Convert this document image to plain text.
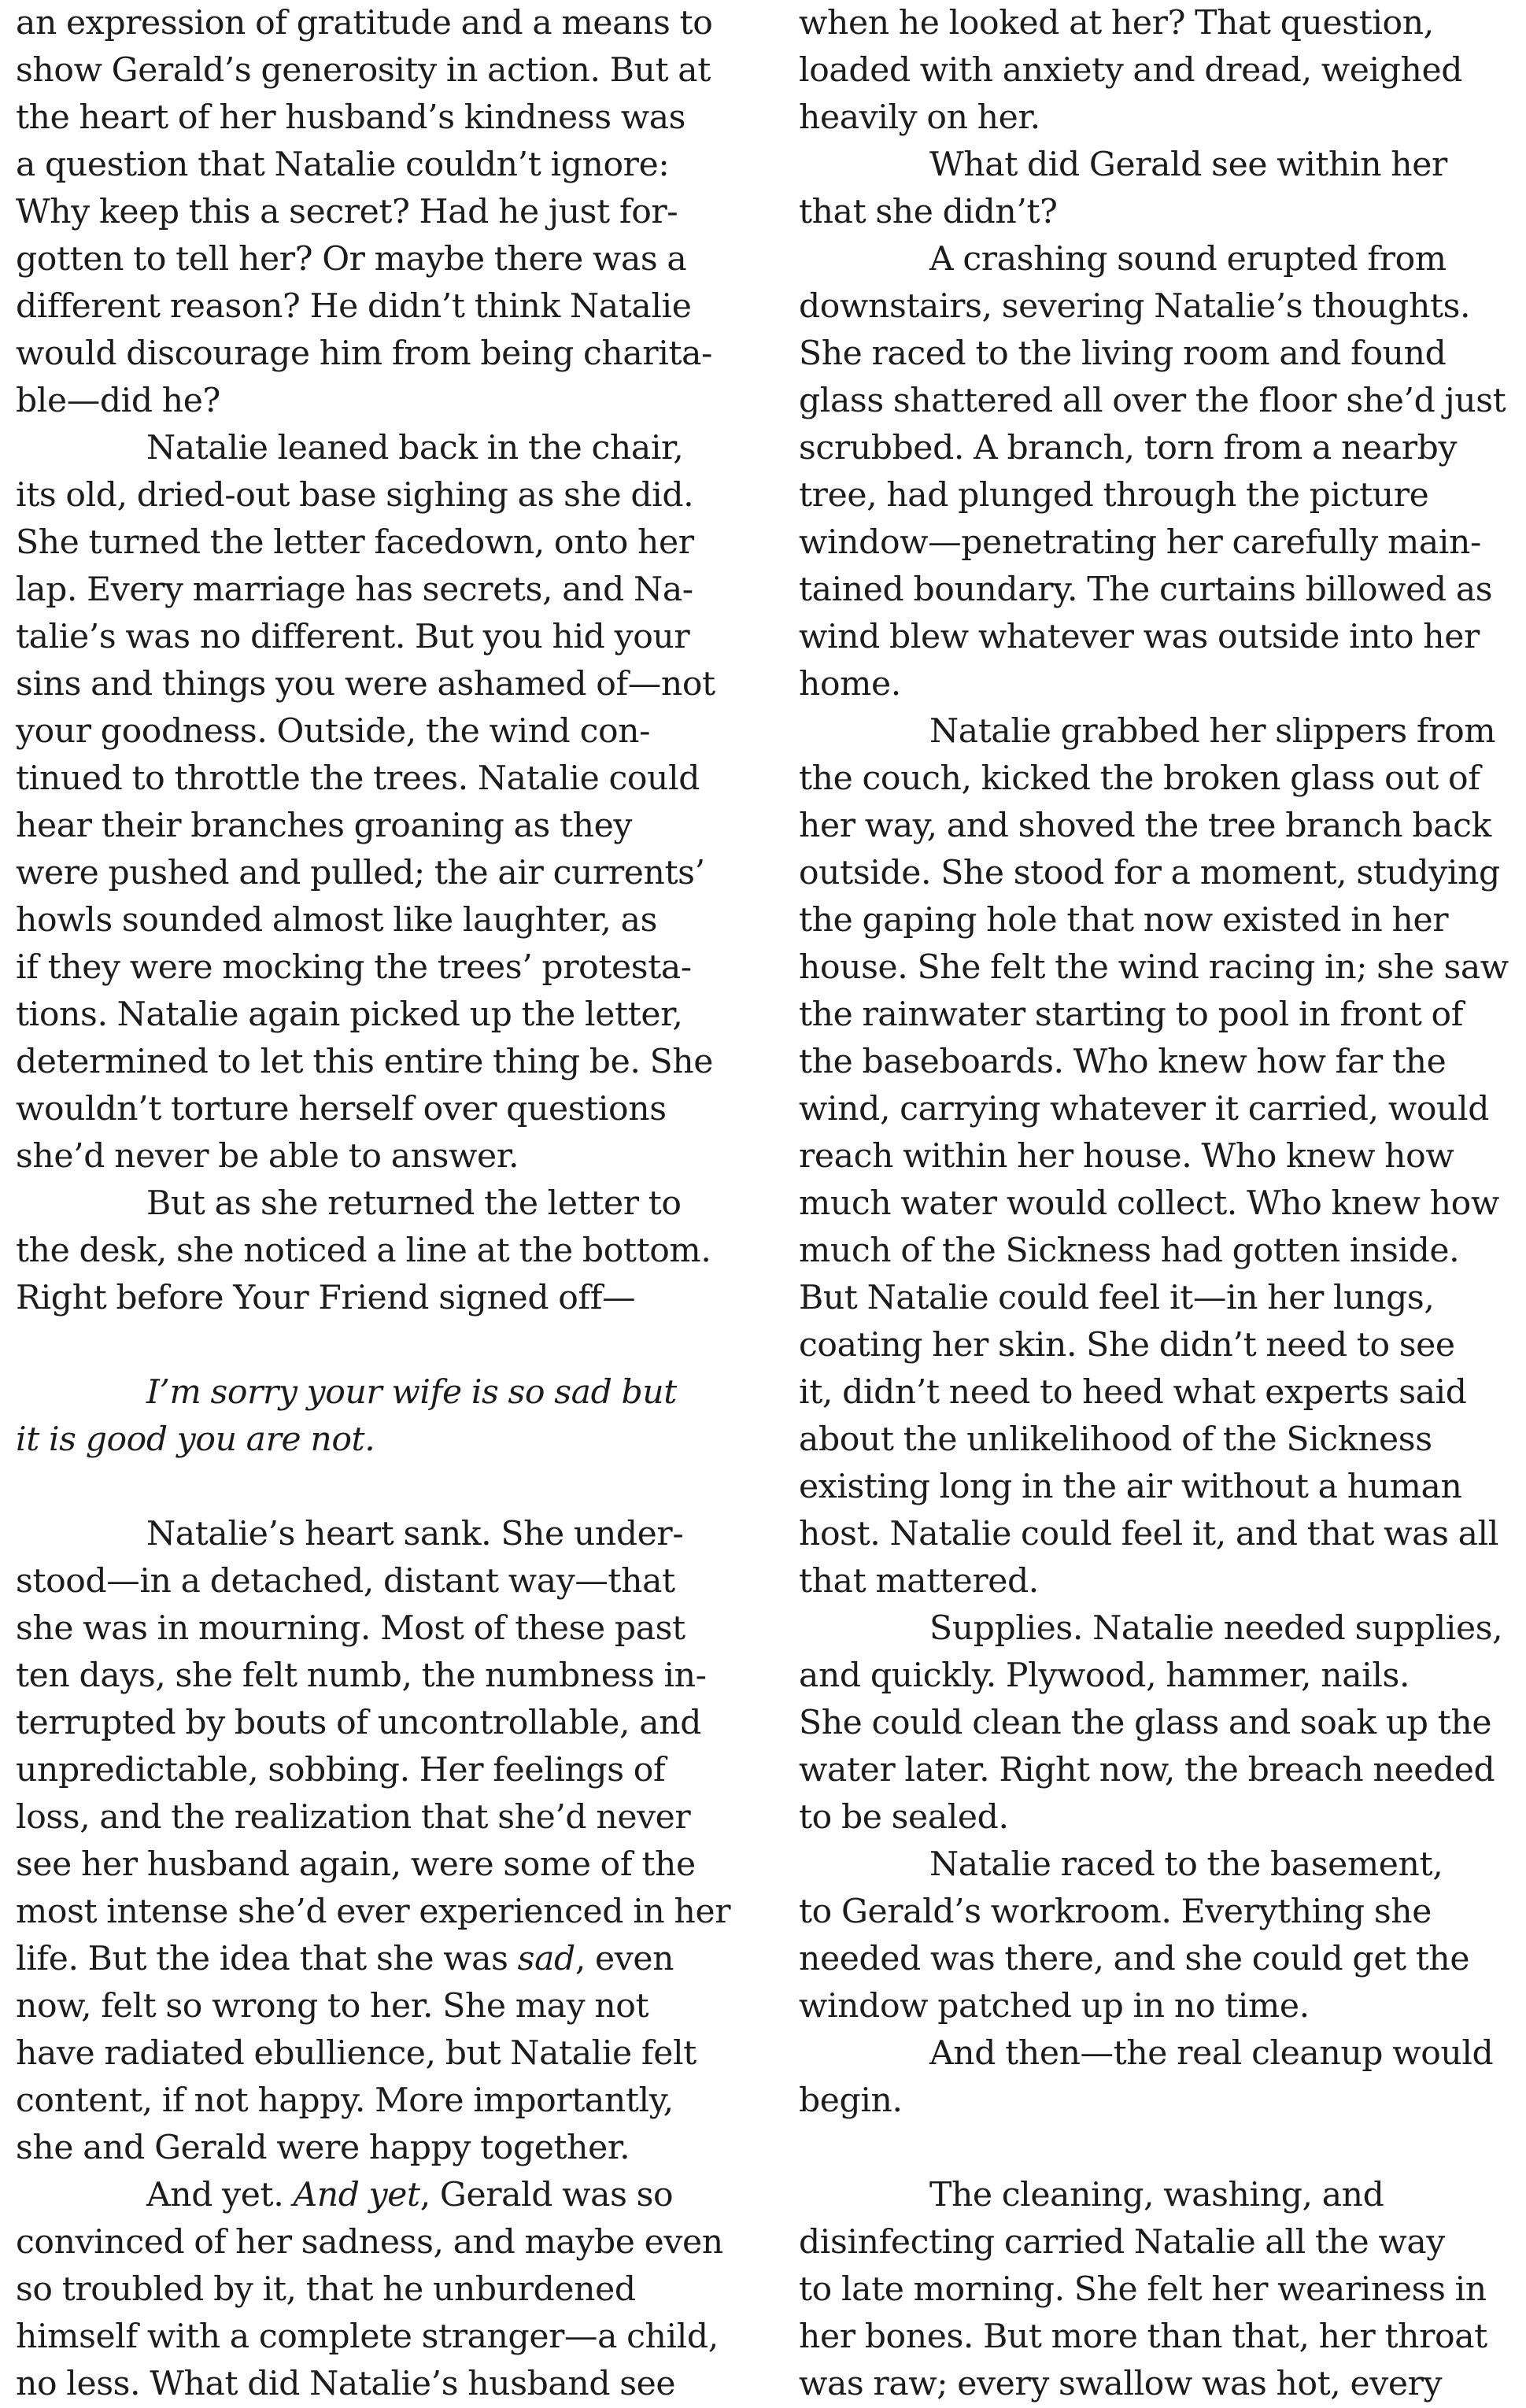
an expression of gratitude and a means to
show Gerald’s generosity in action. But at
the heart of her husband’s kindness was
a question that Natalie couldn’t ignore:
Why keep this a secret? Had he just for-
gotten to tell her? Or maybe there was a
different reason? He didn’t think Natalie
would discourage him from being charita-
ble—did he?
Natalie leaned back in the chair,
its old, dried-out base sighing as she did.
She turned the letter facedown, onto her
lap. Every marriage has secrets, and Na-
talie’s was no different. But you hid your
sins and things you were ashamed of—not
your goodness. Outside, the wind con-
tinued to throttle the trees. Natalie could
hear their branches groaning as they
were pushed and pulled; the air currents’
howls sounded almost like laughter, as
if they were mocking the trees’ protesta-
tions. Natalie again picked up the letter,
determined to let this entire thing be. She
wouldn’t torture herself over questions
she’d never be able to answer.
But as she returned the letter to
the desk, she noticed a line at the bottom.
Right before Your Friend signed off—
I’m sorry your wife is so sad but
it is good you are not.
Natalie’s heart sank. She under-
stood—in a detached, distant way—that
she was in mourning. Most of these past
ten days, she felt numb, the numbness in-
terrupted by bouts of uncontrollable, and
unpredictable, sobbing. Her feelings of
loss, and the realization that she’d never
see her husband again, were some of the
most intense she’d ever experienced in her
life. But the idea that she was sad, even
now, felt so wrong to her. She may not
have radiated ebullience, but Natalie felt
content, if not happy. More importantly,
she and Gerald were happy together.
And yet. And yet, Gerald was so
convinced of her sadness, and maybe even
so troubled by it, that he unburdened
himself with a complete stranger—a child,
no less. What did Natalie’s husband see
when he looked at her? That question,
loaded with anxiety and dread, weighed
heavily on her.
What did Gerald see within her
that she didn’t?
A crashing sound erupted from
downstairs, severing Natalie’s thoughts.
She raced to the living room and found
glass shattered all over the floor she’d just
scrubbed. A branch, torn from a nearby
tree, had plunged through the picture
window—penetrating her carefully main-
tained boundary. The curtains billowed as
wind blew whatever was outside into her
home.
Natalie grabbed her slippers from
the couch, kicked the broken glass out of
her way, and shoved the tree branch back
outside. She stood for a moment, studying
the gaping hole that now existed in her
house. She felt the wind racing in; she saw
the rainwater starting to pool in front of
the baseboards. Who knew how far the
wind, carrying whatever it carried, would
reach within her house. Who knew how
much water would collect. Who knew how
much of the Sickness had gotten inside.
But Natalie could feel it—in her lungs,
coating her skin. She didn’t need to see
it, didn’t need to heed what experts said
about the unlikelihood of the Sickness
existing long in the air without a human
host. Natalie could feel it, and that was all
that mattered.
Supplies. Natalie needed supplies,
and quickly. Plywood, hammer, nails.
She could clean the glass and soak up the
water later. Right now, the breach needed
to be sealed.
Natalie raced to the basement,
to Gerald’s workroom. Everything she
needed was there, and she could get the
window patched up in no time.
And then—the real cleanup would
begin.
The cleaning, washing, and
disinfecting carried Natalie all the way
to late morning. She felt her weariness in
her bones. But more than that, her throat
was raw; every swallow was hot, every
